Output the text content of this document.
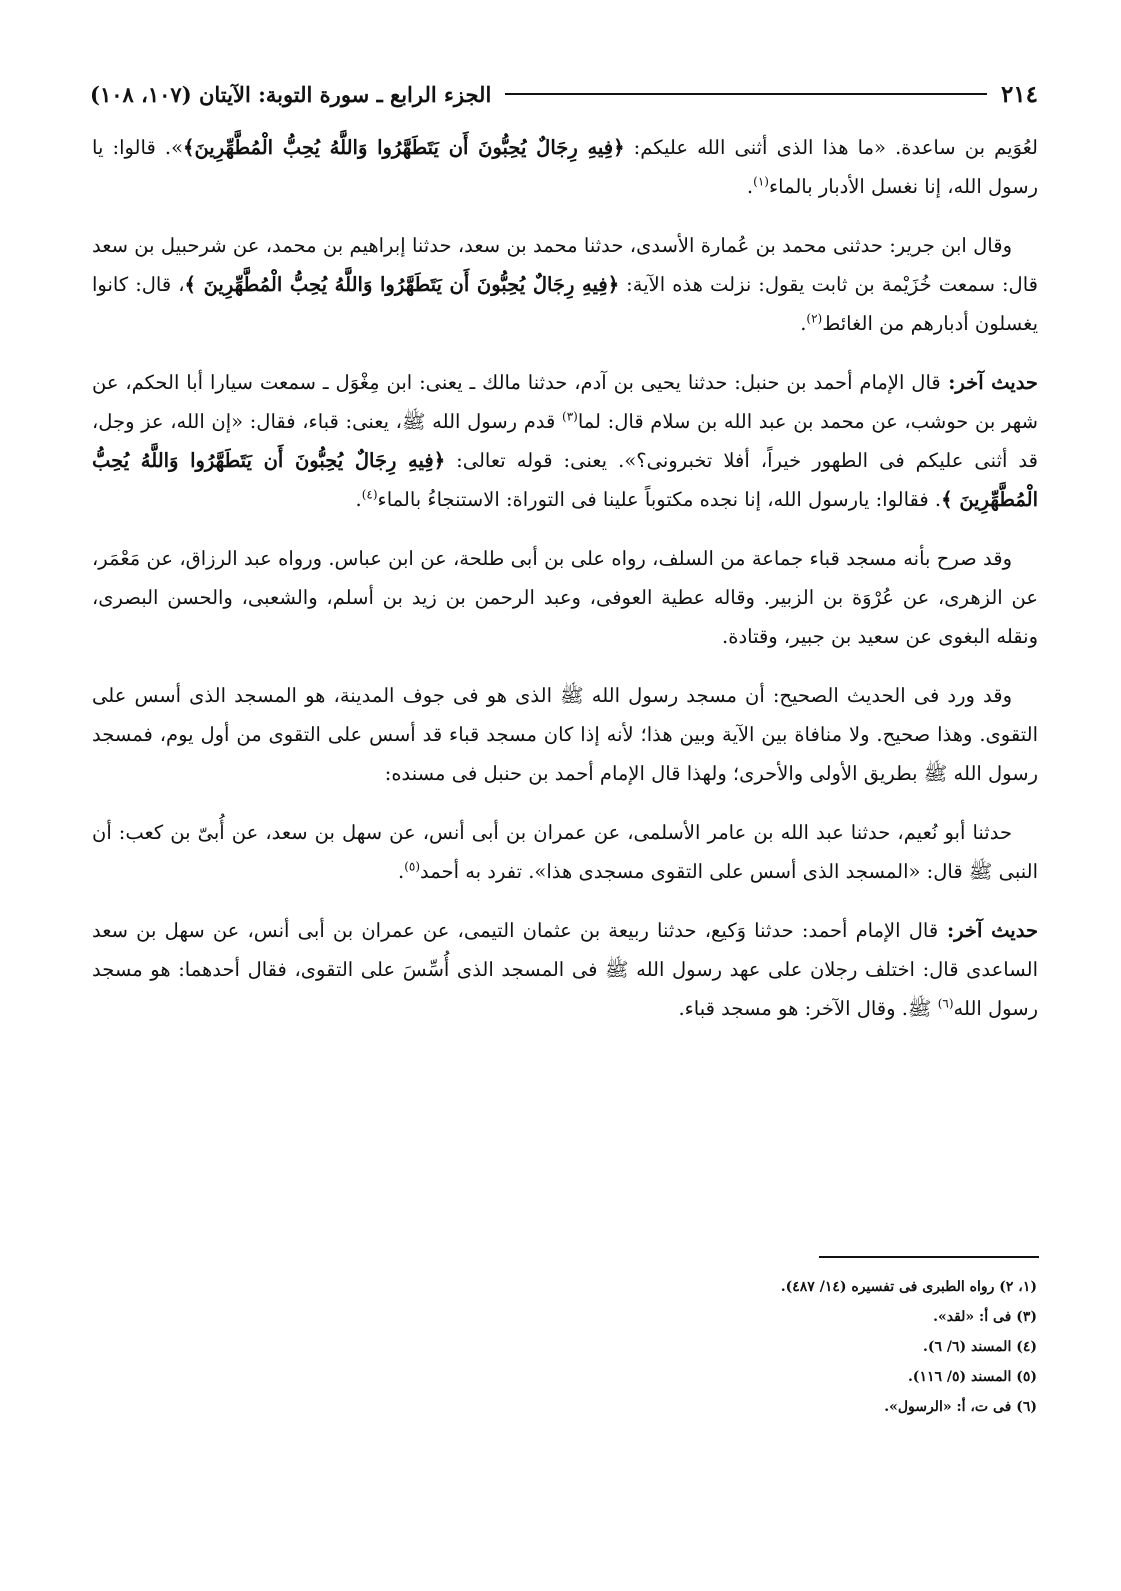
٢١٤
الجزء الرابع ـ سورة التوبة: الآيتان (١٠٧، ١٠٨)

لعُوَيم بن ساعدة. «ما هذا الذى أثنى الله عليكم: ﴿فِيهِ رِجَالٌ يُحِبُّونَ أَن يَتَطَهَّرُوا وَاللَّهُ يُحِبُّ الْمُطَّهِّرِينَ﴾». قالوا: يا رسول الله، إنا نغسل الأدبار بالماء$^{(١)}$.

وقال ابن جرير: حدثنى محمد بن عُمارة الأسدى، حدثنا محمد بن سعد، حدثنا إبراهيم بن محمد، عن شرحبيل بن سعد قال: سمعت خُزَيْمة بن ثابت يقول: نزلت هذه الآية: ﴿فِيهِ رِجَالٌ يُحِبُّونَ أَن يَتَطَهَّرُوا وَاللَّهُ يُحِبُّ الْمُطَّهِّرِينَ ﴾، قال: كانوا يغسلون أدبارهم من الغائط$^{(٢)}$.

حديث آخر: قال الإمام أحمد بن حنبل: حدثنا يحيى بن آدم، حدثنا مالك ـ يعنى: ابن مِغْوَل ـ سمعت سيارا أبا الحكم، عن شهر بن حوشب، عن محمد بن عبد الله بن سلام قال: لما$^{(٣)}$ قدم رسول الله ﷺ، يعنى: قباء، فقال: «إن الله، عز وجل، قد أثنى عليكم فى الطهور خيراً، أفلا تخبرونى؟». يعنى: قوله تعالى: ﴿فِيهِ رِجَالٌ يُحِبُّونَ أَن يَتَطَهَّرُوا وَاللَّهُ يُحِبُّ الْمُطَّهِّرِينَ ﴾. فقالوا: يارسول الله، إنا نجده مكتوباً علينا فى التوراة: الاستنجاءُ بالماء$^{(٤)}$.

وقد صرح بأنه مسجد قباء جماعة من السلف، رواه على بن أبى طلحة، عن ابن عباس. ورواه عبد الرزاق، عن مَعْمَر، عن الزهرى، عن عُرْوَة بن الزبير. وقاله عطية العوفى، وعبد الرحمن بن زيد بن أسلم، والشعبى، والحسن البصرى، ونقله البغوى عن سعيد بن جبير، وقتادة.

وقد ورد فى الحديث الصحيح: أن مسجد رسول الله ﷺ الذى هو فى جوف المدينة، هو المسجد الذى أسس على التقوى. وهذا صحيح. ولا منافاة بين الآية وبين هذا؛ لأنه إذا كان مسجد قباء قد أسس على التقوى من أول يوم، فمسجد رسول الله ﷺ بطريق الأولى والأحرى؛ ولهذا قال الإمام أحمد بن حنبل فى مسنده:

حدثنا أبو نُعيم، حدثنا عبد الله بن عامر الأسلمى، عن عمران بن أبى أنس، عن سهل بن سعد، عن أُبىّ بن كعب: أن النبى ﷺ قال: «المسجد الذى أسس على التقوى مسجدى هذا». تفرد به أحمد$^{(٥)}$.

حديث آخر: قال الإمام أحمد: حدثنا وَكيع، حدثنا ربيعة بن عثمان التيمى، عن عمران بن أبى أنس، عن سهل بن سعد الساعدى قال: اختلف رجلان على عهد رسول الله ﷺ فى المسجد الذى أُسِّسَ على التقوى، فقال أحدهما: هو مسجد رسول الله$^{(٦)}$ ﷺ. وقال الآخر: هو مسجد قباء.

(١، ٢) رواه الطبرى فى تفسيره (١٤/ ٤٨٧).
(٣) فى أ: «لقد».
(٤) المسند (٦/ ٦).
(٥) المسند (٥/ ١١٦).
(٦) فى ت، أ: «الرسول».
